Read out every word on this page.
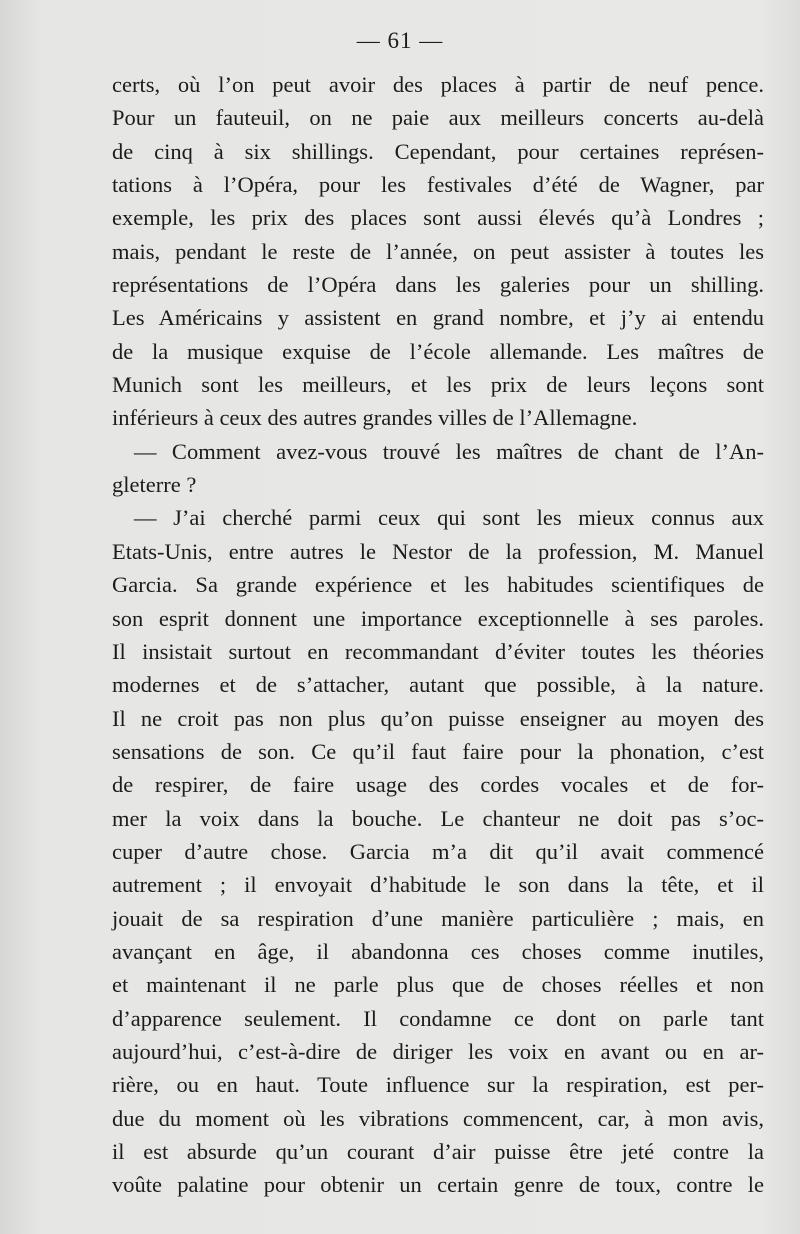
— 61 —
certs, où l’on peut avoir des places à partir de neuf pence.
Pour un fauteuil, on ne paie aux meilleurs concerts au-delà
de cinq à six shillings. Cependant, pour certaines représen-
tations à l’Opéra, pour les festivales d’été de Wagner, par
exemple, les prix des places sont aussi élevés qu’à Londres ;
mais, pendant le reste de l’année, on peut assister à toutes les
représentations de l’Opéra dans les galeries pour un shilling.
Les Américains y assistent en grand nombre, et j’y ai entendu
de la musique exquise de l’école allemande. Les maîtres de
Munich sont les meilleurs, et les prix de leurs leçons sont
inférieurs à ceux des autres grandes villes de l’Allemagne.
— Comment avez-vous trouvé les maîtres de chant de l’An-
gleterre ?
— J’ai cherché parmi ceux qui sont les mieux connus aux
Etats-Unis, entre autres le Nestor de la profession, M. Manuel
Garcia. Sa grande expérience et les habitudes scientifiques de
son esprit donnent une importance exceptionnelle à ses paroles.
Il insistait surtout en recommandant d’éviter toutes les théories
modernes et de s’attacher, autant que possible, à la nature.
Il ne croit pas non plus qu’on puisse enseigner au moyen des
sensations de son. Ce qu’il faut faire pour la phonation, c’est
de respirer, de faire usage des cordes vocales et de for-
mer la voix dans la bouche. Le chanteur ne doit pas s’oc-
cuper d’autre chose. Garcia m’a dit qu’il avait commencé
autrement ; il envoyait d’habitude le son dans la tête, et il
jouait de sa respiration d’une manière particulière ; mais, en
avançant en âge, il abandonna ces choses comme inutiles,
et maintenant il ne parle plus que de choses réelles et non
d’apparence seulement. Il condamne ce dont on parle tant
aujourd’hui, c’est-à-dire de diriger les voix en avant ou en ar-
rière, ou en haut. Toute influence sur la respiration, est per-
due du moment où les vibrations commencent, car, à mon avis,
il est absurde qu’un courant d’air puisse être jeté contre la
voûte palatine pour obtenir un certain genre de toux, contre le
